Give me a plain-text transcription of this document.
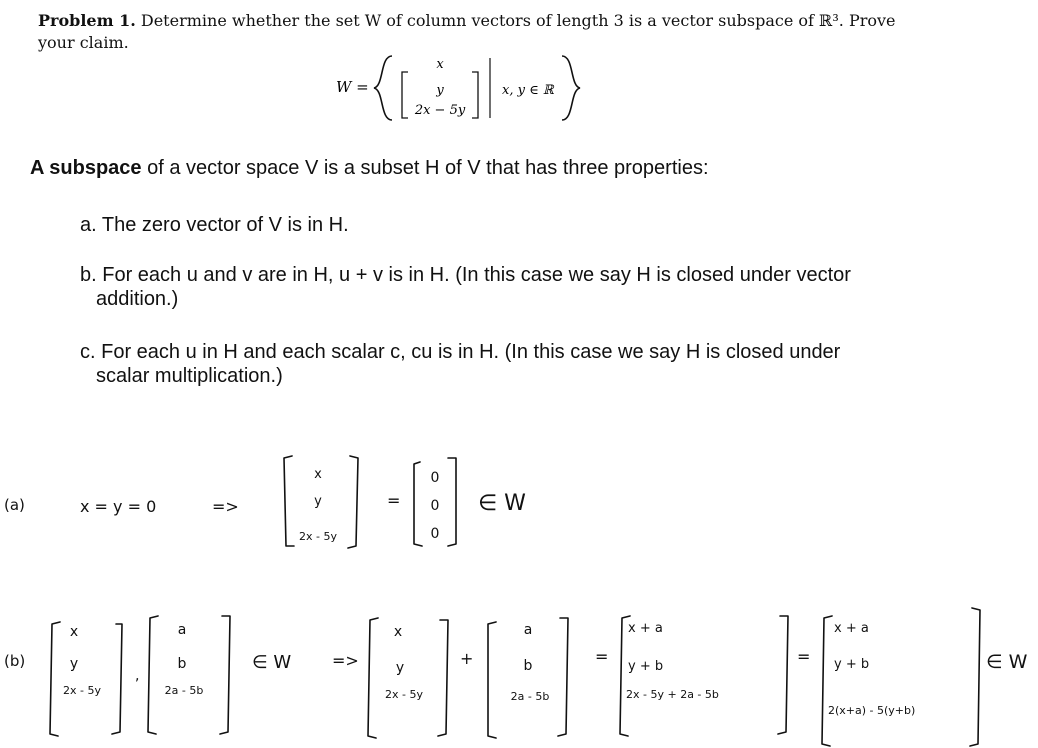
Problem 1. Determine whether the set W of column vectors of length 3 is a vector subspace of ℝ³. Prove your claim.
W =
x
y
2x − 5y
x, y ∈ ℝ
A subspace of a vector space V is a subset H of V that has three properties:
a. The zero vector of V is in H.
b. For each u and v are in H, u + v is in H. (In this case we say H is closed under vector
addition.)
c. For each u in H and each scalar c, cu is in H. (In this case we say H is closed under
scalar multiplication.)
(a)	x = y = 0	=>
x
y
2x - 5y
=
0
0
0
∈ W
(b)
x
y
2x - 5y
,
a
b
2a - 5b
∈ W	=>
x
y
2x - 5y
+
a
b
2a - 5b
=
x + a
y + b
2x - 5y + 2a - 5b
=
x + a
y + b
2(x+a) - 5(y+b)
∈ W
